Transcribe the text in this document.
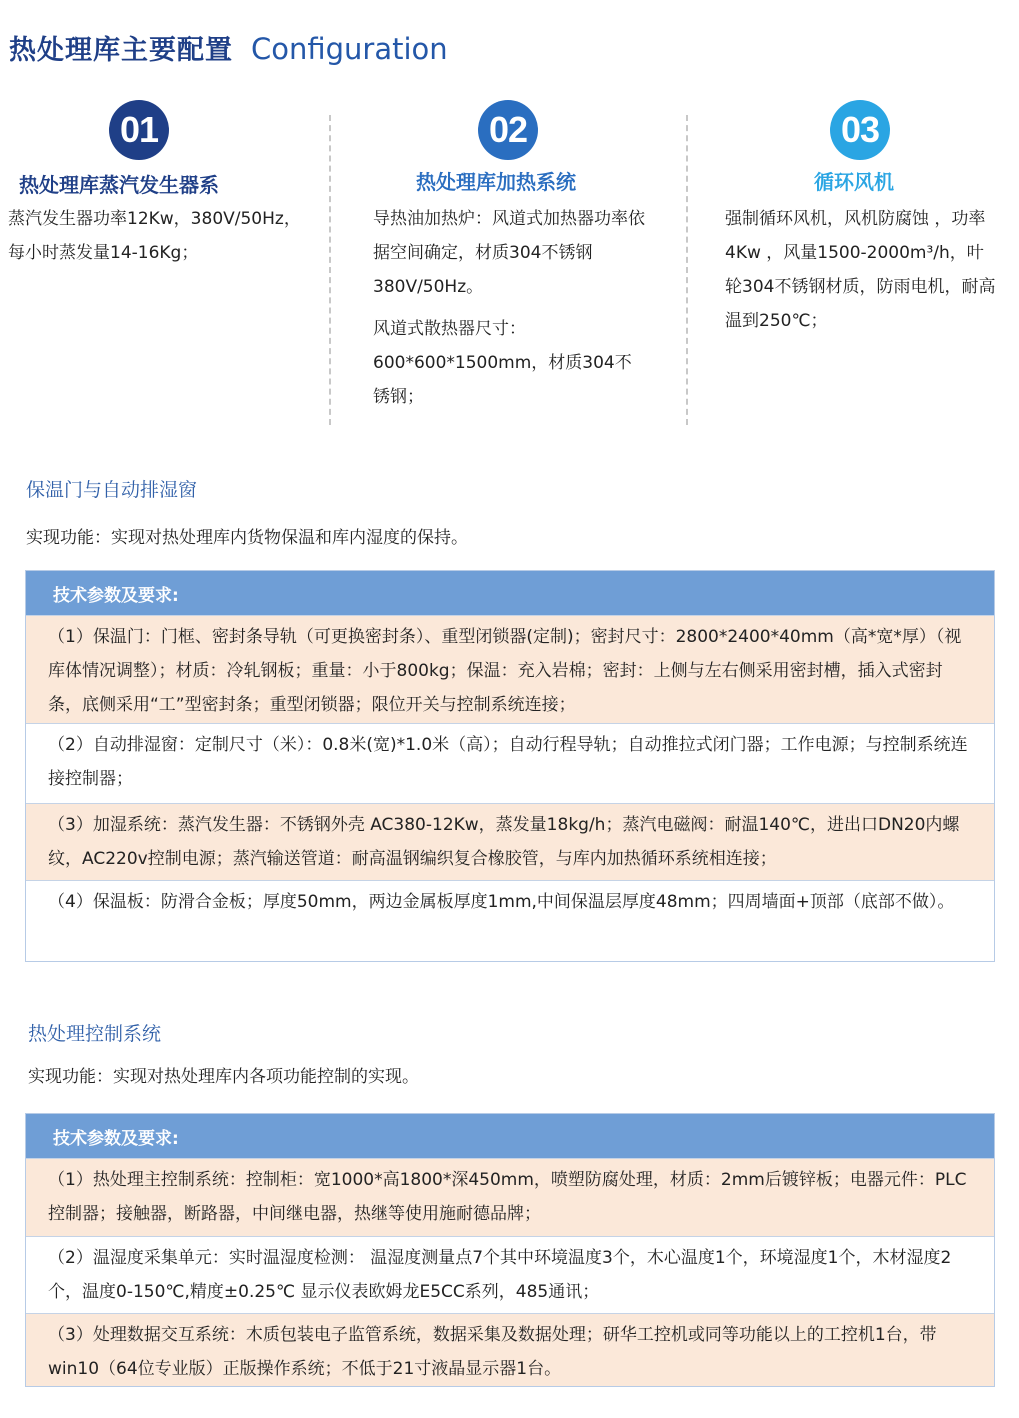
热处理库主要配置 Configuration
01
热处理库蒸汽发生器系
蒸汽发生器功率12Kw，380V/50Hz，每小时蒸发量14-16Kg；
02
热处理库加热系统
导热油加热炉：风道式加热器功率依据空间确定，材质304不锈钢380V/50Hz。
风道式散热器尺寸：600*600*1500mm，材质304不锈钢；
03
循环风机
强制循环风机，风机防腐蚀 ，功率4Kw ，风量1500-2000m³/h，叶轮304不锈钢材质，防雨电机，耐高温到250℃；
保温门与自动排湿窗
实现功能：实现对热处理库内货物保温和库内湿度的保持。
技术参数及要求:
（1）保温门：门框、密封条导轨（可更换密封条）、重型闭锁器(定制)；密封尺寸：2800*2400*40mm（高*宽*厚）（视库体情况调整）；材质：冷轧钢板；重量：小于800kg；保温：充入岩棉；密封：上侧与左右侧采用密封槽，插入式密封条，底侧采用“工”型密封条；重型闭锁器；限位开关与控制系统连接；
（2）自动排湿窗：定制尺寸（米）：0.8米(宽)*1.0米（高）；自动行程导轨；自动推拉式闭门器；工作电源；与控制系统连接控制器；
（3）加湿系统：蒸汽发生器：不锈钢外壳 AC380-12Kw，蒸发量18kg/h；蒸汽电磁阀：耐温140℃，进出口DN20内螺纹，AC220v控制电源；蒸汽输送管道：耐高温钢编织复合橡胶管，与库内加热循环系统相连接；
（4）保温板：防滑合金板；厚度50mm，两边金属板厚度1mm,中间保温层厚度48mm；四周墙面+顶部（底部不做）。
热处理控制系统
实现功能：实现对热处理库内各项功能控制的实现。
技术参数及要求:
（1）热处理主控制系统：控制柜：宽1000*高1800*深450mm，喷塑防腐处理，材质：2mm后镀锌板；电器元件：PLC控制器；接触器，断路器，中间继电器，热继等使用施耐德品牌；
（2）温湿度采集单元：实时温湿度检测： 温湿度测量点7个其中环境温度3个，木心温度1个，环境湿度1个，木材湿度2个，温度0-150℃,精度±0.25℃ 显示仪表欧姆龙E5CC系列，485通讯；
（3）处理数据交互系统：木质包装电子监管系统，数据采集及数据处理；研华工控机或同等功能以上的工控机1台，带win10（64位专业版）正版操作系统；不低于21寸液晶显示器1台。
